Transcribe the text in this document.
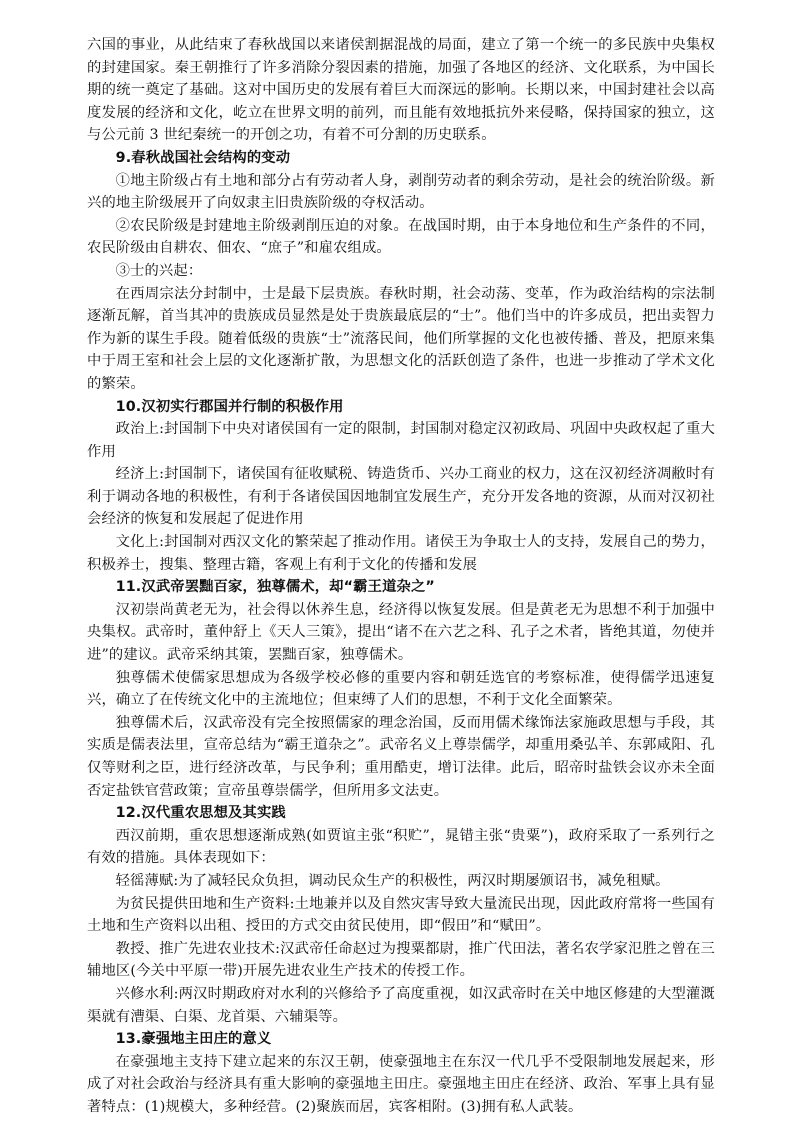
六国的事业，从此结束了春秋战国以来诸侯割据混战的局面，建立了第一个统一的多民族中央集权的封建国家。秦王朝推行了许多消除分裂因素的措施，加强了各地区的经济、文化联系，为中国长期的统一奠定了基础。这对中国历史的发展有着巨大而深远的影响。长期以来，中国封建社会以高度发展的经济和文化，屹立在世界文明的前列，而且能有效地抵抗外来侵略，保持国家的独立，这与公元前 3 世纪秦统一的开创之功，有着不可分割的历史联系。

9.春秋战国社会结构的变动

①地主阶级占有土地和部分占有劳动者人身，剥削劳动者的剩余劳动，是社会的统治阶级。新兴的地主阶级展开了向奴隶主旧贵族阶级的夺权活动。

②农民阶级是封建地主阶级剥削压迫的对象。在战国时期，由于本身地位和生产条件的不同，农民阶级由自耕农、佃农、“庶子”和雇农组成。

③士的兴起：

在西周宗法分封制中，士是最下层贵族。春秋时期，社会动荡、变革，作为政治结构的宗法制逐渐瓦解，首当其冲的贵族成员显然是处于贵族最底层的“士”。他们当中的许多成员，把出卖智力作为新的谋生手段。随着低级的贵族“士”流落民间，他们所掌握的文化也被传播、普及，把原来集中于周王室和社会上层的文化逐渐扩散，为思想文化的活跃创造了条件，也进一步推动了学术文化的繁荣。

10.汉初实行郡国并行制的积极作用

政治上:封国制下中央对诸侯国有一定的限制，封国制对稳定汉初政局、巩固中央政权起了重大作用

经济上:封国制下，诸侯国有征收赋税、铸造货币、兴办工商业的权力，这在汉初经济凋敝时有利于调动各地的积极性，有利于各诸侯国因地制宜发展生产，充分开发各地的资源，从而对汉初社会经济的恢复和发展起了促进作用

文化上:封国制对西汉文化的繁荣起了推动作用。诸侯王为争取士人的支持，发展自己的势力，积极养士，搜集、整理古籍，客观上有利于文化的传播和发展

11.汉武帝罢黜百家，独尊儒术，却“霸王道杂之”

汉初崇尚黄老无为，社会得以休养生息，经济得以恢复发展。但是黄老无为思想不利于加强中央集权。武帝时，董仲舒上《天人三策》，提出“诸不在六艺之科、孔子之术者，皆绝其道，勿使并进”的建议。武帝采纳其策，罢黜百家，独尊儒术。

独尊儒术使儒家思想成为各级学校必修的重要内容和朝廷选官的考察标准，使得儒学迅速复兴，确立了在传统文化中的主流地位；但束缚了人们的思想，不利于文化全面繁荣。

独尊儒术后，汉武帝没有完全按照儒家的理念治国，反而用儒术缘饰法家施政思想与手段，其实质是儒表法里，宣帝总结为“霸王道杂之”。武帝名义上尊崇儒学，却重用桑弘羊、东郭咸阳、孔仅等财利之臣，进行经济改革，与民争利；重用酷吏，增订法律。此后，昭帝时盐铁会议亦未全面否定盐铁官营政策；宣帝虽尊崇儒学，但所用多文法吏。

12.汉代重农思想及其实践

西汉前期，重农思想逐渐成熟(如贾谊主张“积贮”，晁错主张“贵粟”)，政府采取了一系列行之有效的措施。具体表现如下：

轻徭薄赋:为了减轻民众负担，调动民众生产的积极性，两汉时期屡颁诏书，减免租赋。

为贫民提供田地和生产资料:土地兼并以及自然灾害导致大量流民出现，因此政府常将一些国有土地和生产资料以出租、授田的方式交由贫民使用，即“假田”和“赋田”。

教授、推广先进农业技术:汉武帝任命赵过为搜粟都尉，推广代田法，著名农学家氾胜之曾在三辅地区(今关中平原一带)开展先进农业生产技术的传授工作。

兴修水利:两汉时期政府对水利的兴修给予了高度重视，如汉武帝时在关中地区修建的大型灌溉渠就有漕渠、白渠、龙首渠、六辅渠等。

13.豪强地主田庄的意义

在豪强地主支持下建立起来的东汉王朝，使豪强地主在东汉一代几乎不受限制地发展起来，形成了对社会政治与经济具有重大影响的豪强地主田庄。豪强地主田庄在经济、政治、军事上具有显著特点：(1)规模大，多种经营。(2)聚族而居，宾客相附。(3)拥有私人武装。
